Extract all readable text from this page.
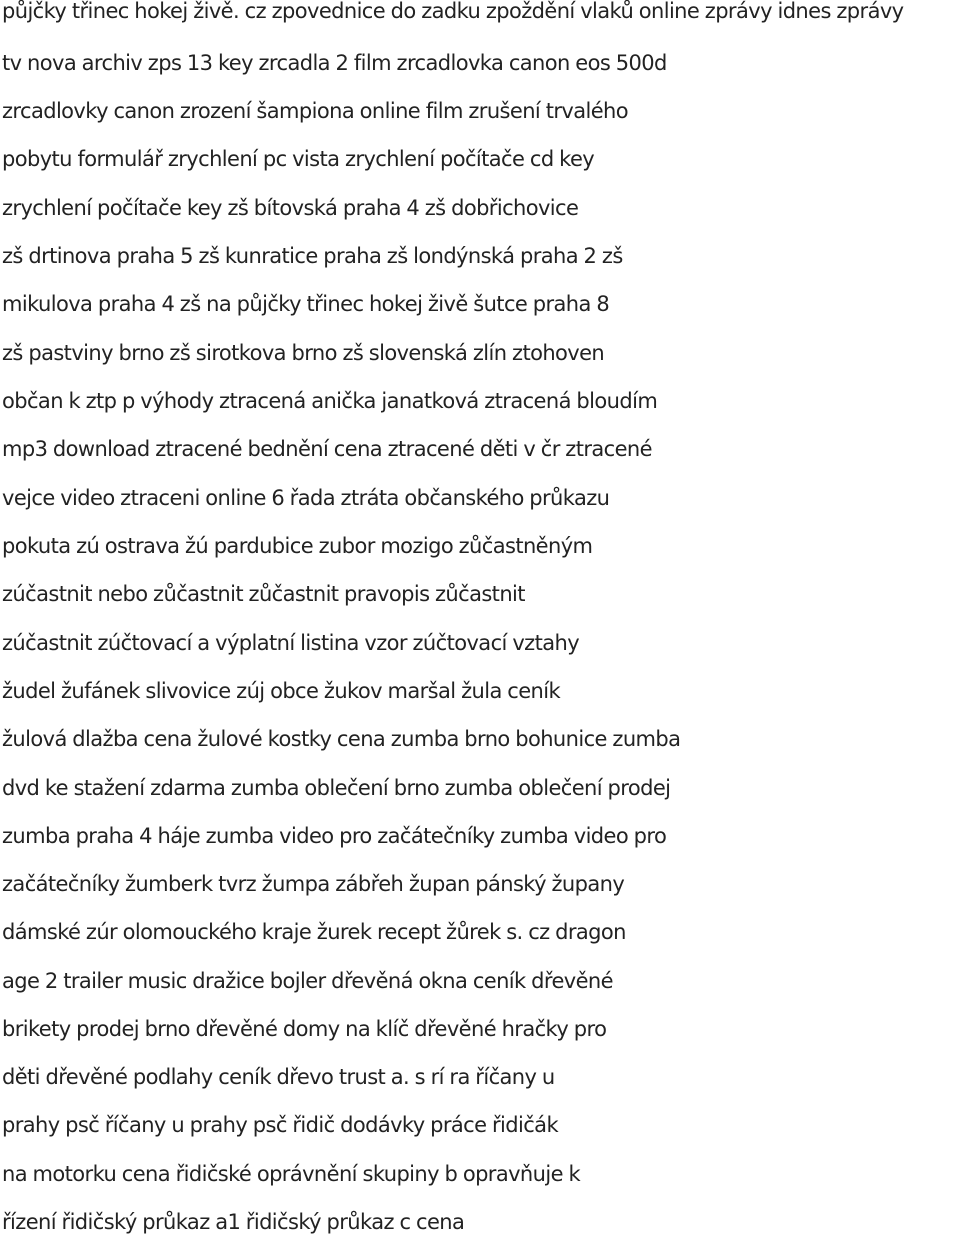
půjčky třinec hokej živě. cz zpovednice do zadku zpoždění vlaků online zprávy idnes zprávy
tv nova archiv zps 13 key zrcadla 2 film zrcadlovka canon eos 500d
zrcadlovky canon zrození šampiona online film zrušení trvalého
pobytu formulář zrychlení pc vista zrychlení počítače cd key
zrychlení počítače key zš bítovská praha 4 zš dobřichovice
zš drtinova praha 5 zš kunratice praha zš londýnská praha 2 zš
mikulova praha 4 zš na půjčky třinec hokej živě šutce praha 8
zš pastviny brno zš sirotkova brno zš slovenská zlín ztohoven
občan k ztp p výhody ztracená anička janatková ztracená bloudím
mp3 download ztracené bednění cena ztracené děti v čr ztracené
vejce video ztraceni online 6 řada ztráta občanského průkazu
pokuta zú ostrava žú pardubice zubor mozigo zůčastněným
zúčastnit nebo zůčastnit zůčastnit pravopis zůčastnit
zúčastnit zúčtovací a výplatní listina vzor zúčtovací vztahy
žudel žufánek slivovice zúj obce žukov maršal žula ceník
žulová dlažba cena žulové kostky cena zumba brno bohunice zumba
dvd ke stažení zdarma zumba oblečení brno zumba oblečení prodej
zumba praha 4 háje zumba video pro začátečníky zumba video pro
začátečníky žumberk tvrz žumpa zábřeh župan pánský župany
dámské zúr olomouckého kraje žurek recept žůrek s. cz dragon
age 2 trailer music dražice bojler dřevěná okna ceník dřevěné
brikety prodej brno dřevěné domy na klíč dřevěné hračky pro
děti dřevěné podlahy ceník dřevo trust a. s rí ra říčany u
prahy psč říčany u prahy psč řidič dodávky práce řidičák
na motorku cena řidičské oprávnění skupiny b opravňuje k
řízení řidičský průkaz a1 řidičský průkaz c cena
